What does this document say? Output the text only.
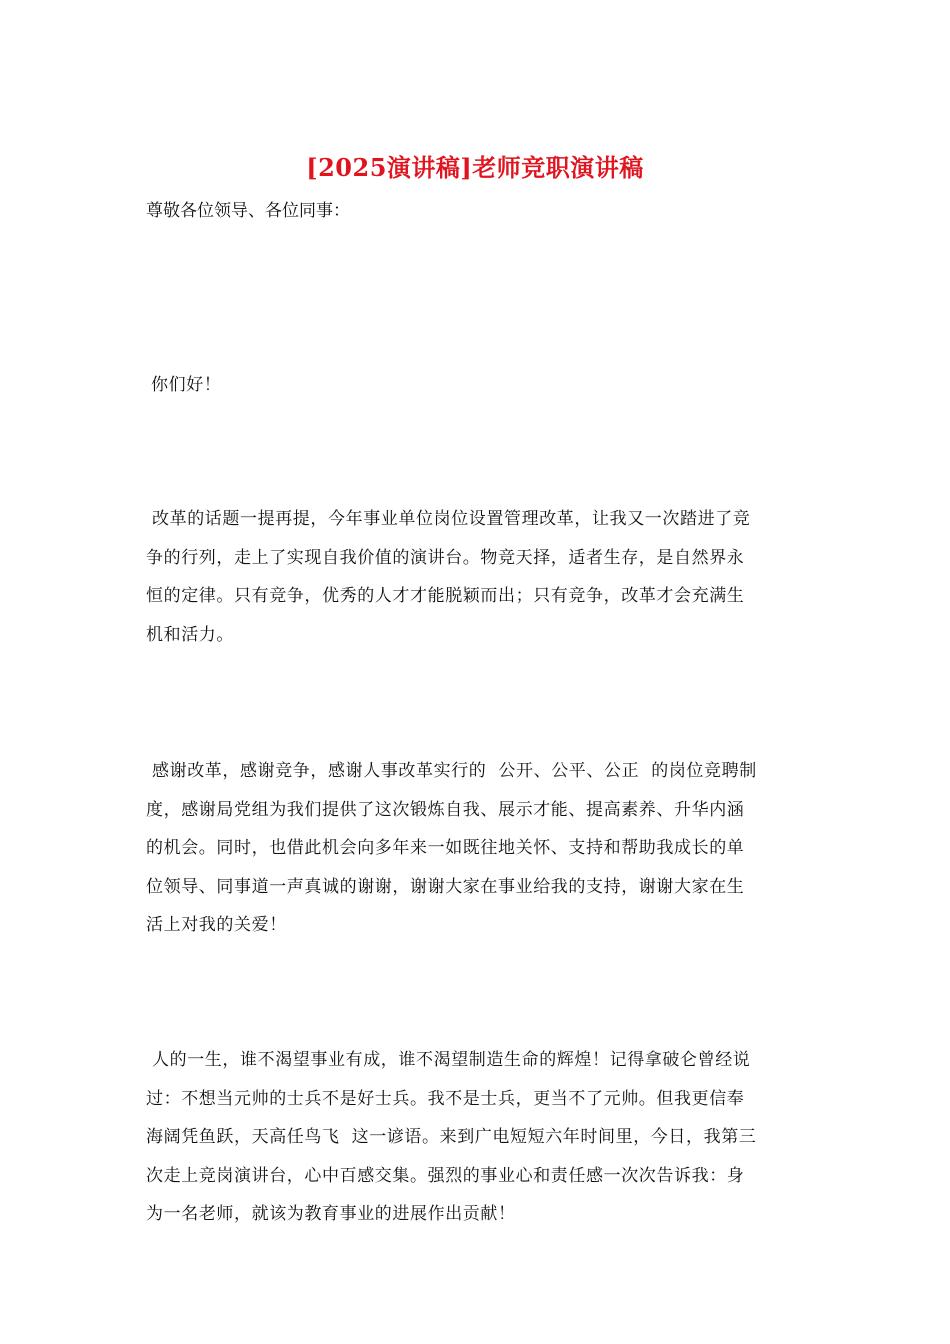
[2025演讲稿]老师竞职演讲稿
尊敬各位领导、各位同事：
你们好！
改革的话题一提再提，今年事业单位岗位设置管理改革，让我又一次踏进了竞
争的行列，走上了实现自我价值的演讲台。物竞天择，适者生存，是自然界永
恒的定律。只有竞争，优秀的人才才能脱颖而出；只有竞争，改革才会充满生
机和活力。
感谢改革，感谢竞争，感谢人事改革实行的  公开、公平、公正  的岗位竞聘制
度，感谢局党组为我们提供了这次锻炼自我、展示才能、提高素养、升华内涵
的机会。同时，也借此机会向多年来一如既往地关怀、支持和帮助我成长的单
位领导、同事道一声真诚的谢谢，谢谢大家在事业给我的支持，谢谢大家在生
活上对我的关爱！
人的一生，谁不渴望事业有成，谁不渴望制造生命的辉煌！记得拿破仑曾经说
过：不想当元帅的士兵不是好士兵。我不是士兵，更当不了元帅。但我更信奉
海阔凭鱼跃，天高任鸟飞  这一谚语。来到广电短短六年时间里，今日，我第三
次走上竞岗演讲台，心中百感交集。强烈的事业心和责任感一次次告诉我：身
为一名老师，就该为教育事业的进展作出贡献！
